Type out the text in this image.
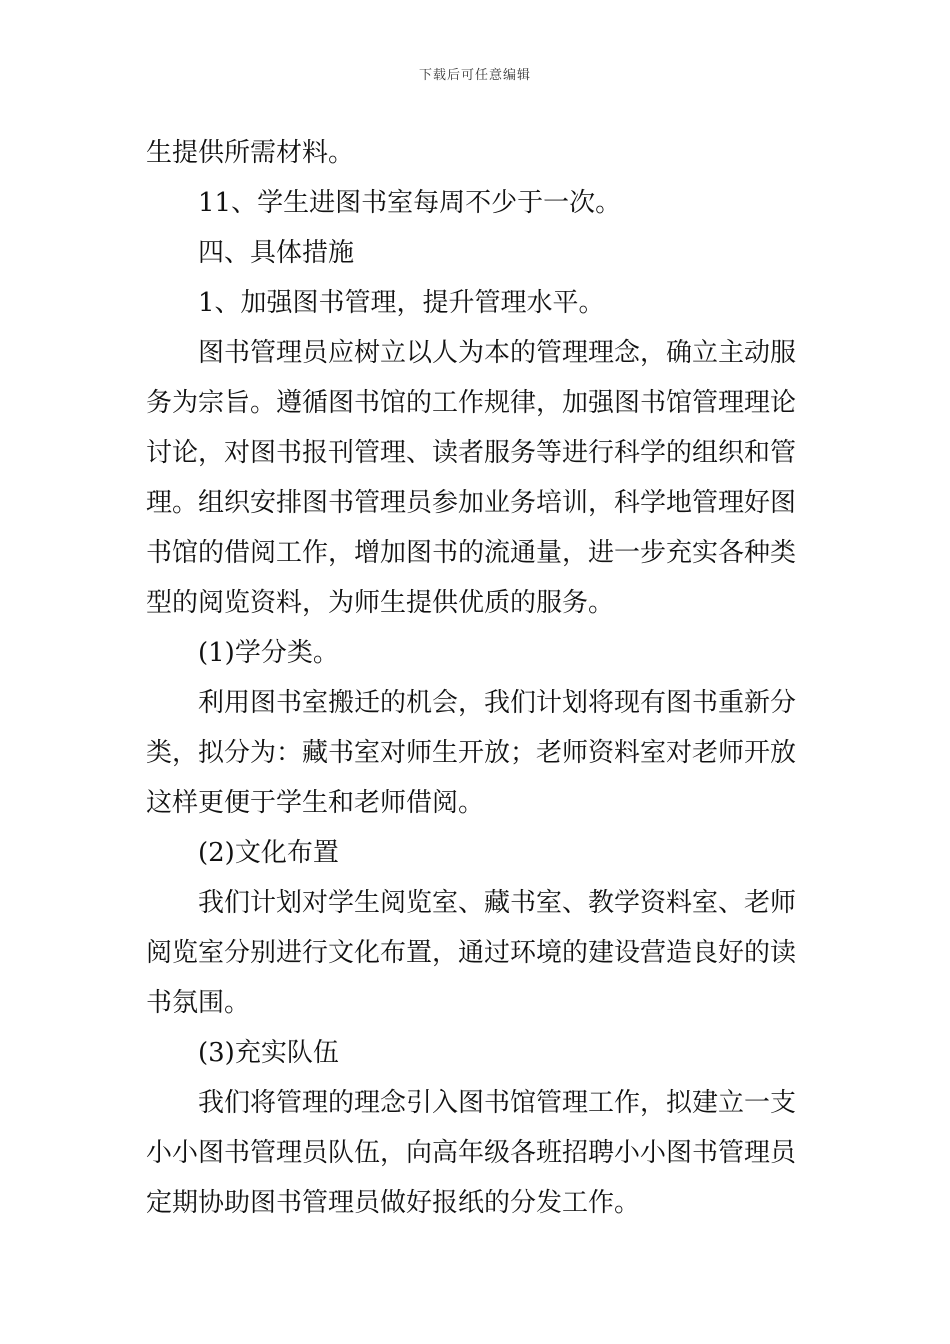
下载后可任意编辑
生提供所需材料。
11、学生进图书室每周不少于一次。
四、具体措施
1、加强图书管理，提升管理水平。
图书管理员应树立以人为本的管理理念，确立主动服
务为宗旨。遵循图书馆的工作规律，加强图书馆管理理论
讨论，对图书报刊管理、读者服务等进行科学的组织和管
理。组织安排图书管理员参加业务培训，科学地管理好图
书馆的借阅工作，增加图书的流通量，进一步充实各种类
型的阅览资料，为师生提供优质的服务。
(1)学分类。
利用图书室搬迁的机会，我们计划将现有图书重新分
类，拟分为：藏书室对师生开放；老师资料室对老师开放
这样更便于学生和老师借阅。
(2)文化布置
我们计划对学生阅览室、藏书室、教学资料室、老师
阅览室分别进行文化布置，通过环境的建设营造良好的读
书氛围。
(3)充实队伍
我们将管理的理念引入图书馆管理工作，拟建立一支
小小图书管理员队伍，向高年级各班招聘小小图书管理员
定期协助图书管理员做好报纸的分发工作。
